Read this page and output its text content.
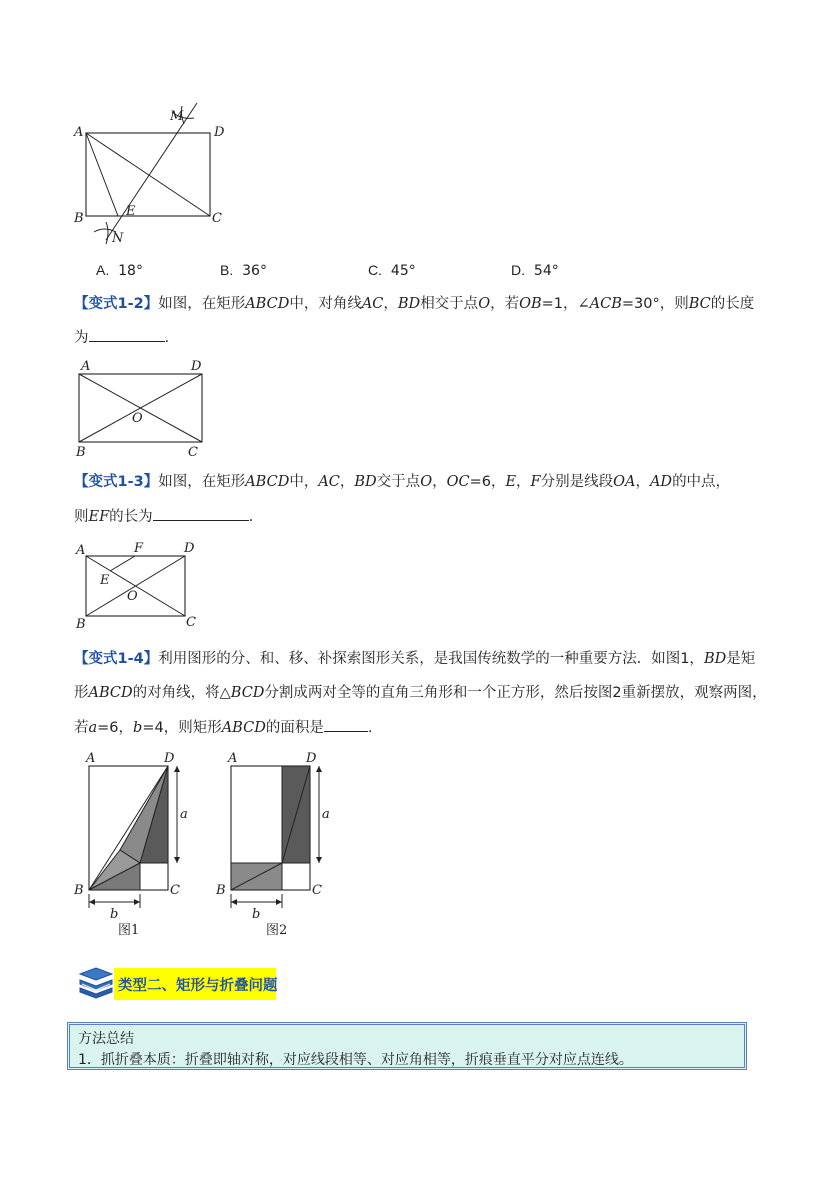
A	D
B	C
E
M
N
A. 18°	B. 36°	C. 45°	D. 54°
【变式1-2】如图，在矩形ABCD中，对角线AC，BD相交于点O，若OB=1，∠ACB=30°，则BC的长度
为	.
A	D
B	C
O
【变式1-3】如图，在矩形ABCD中，AC，BD交于点O，OC=6，E，F分别是线段OA，AD的中点，
则EF的长为	.
A	D
F
E
O
B	C
【变式1-4】利用图形的分、和、移、补探索图形关系，是我国传统数学的一种重要方法．如图1，BD是矩
形ABCD的对角线，将△BCD分割成两对全等的直角三角形和一个正方形，然后按图2重新摆放，观察两图，
若a=6，b=4，则矩形ABCD的面积是	.
A	D
B	C
a
b
图1
A	D
B	C
a
b
图2
类型二、矩形与折叠问题
方法总结
1．抓折叠本质：折叠即轴对称，对应线段相等、对应角相等，折痕垂直平分对应点连线。
